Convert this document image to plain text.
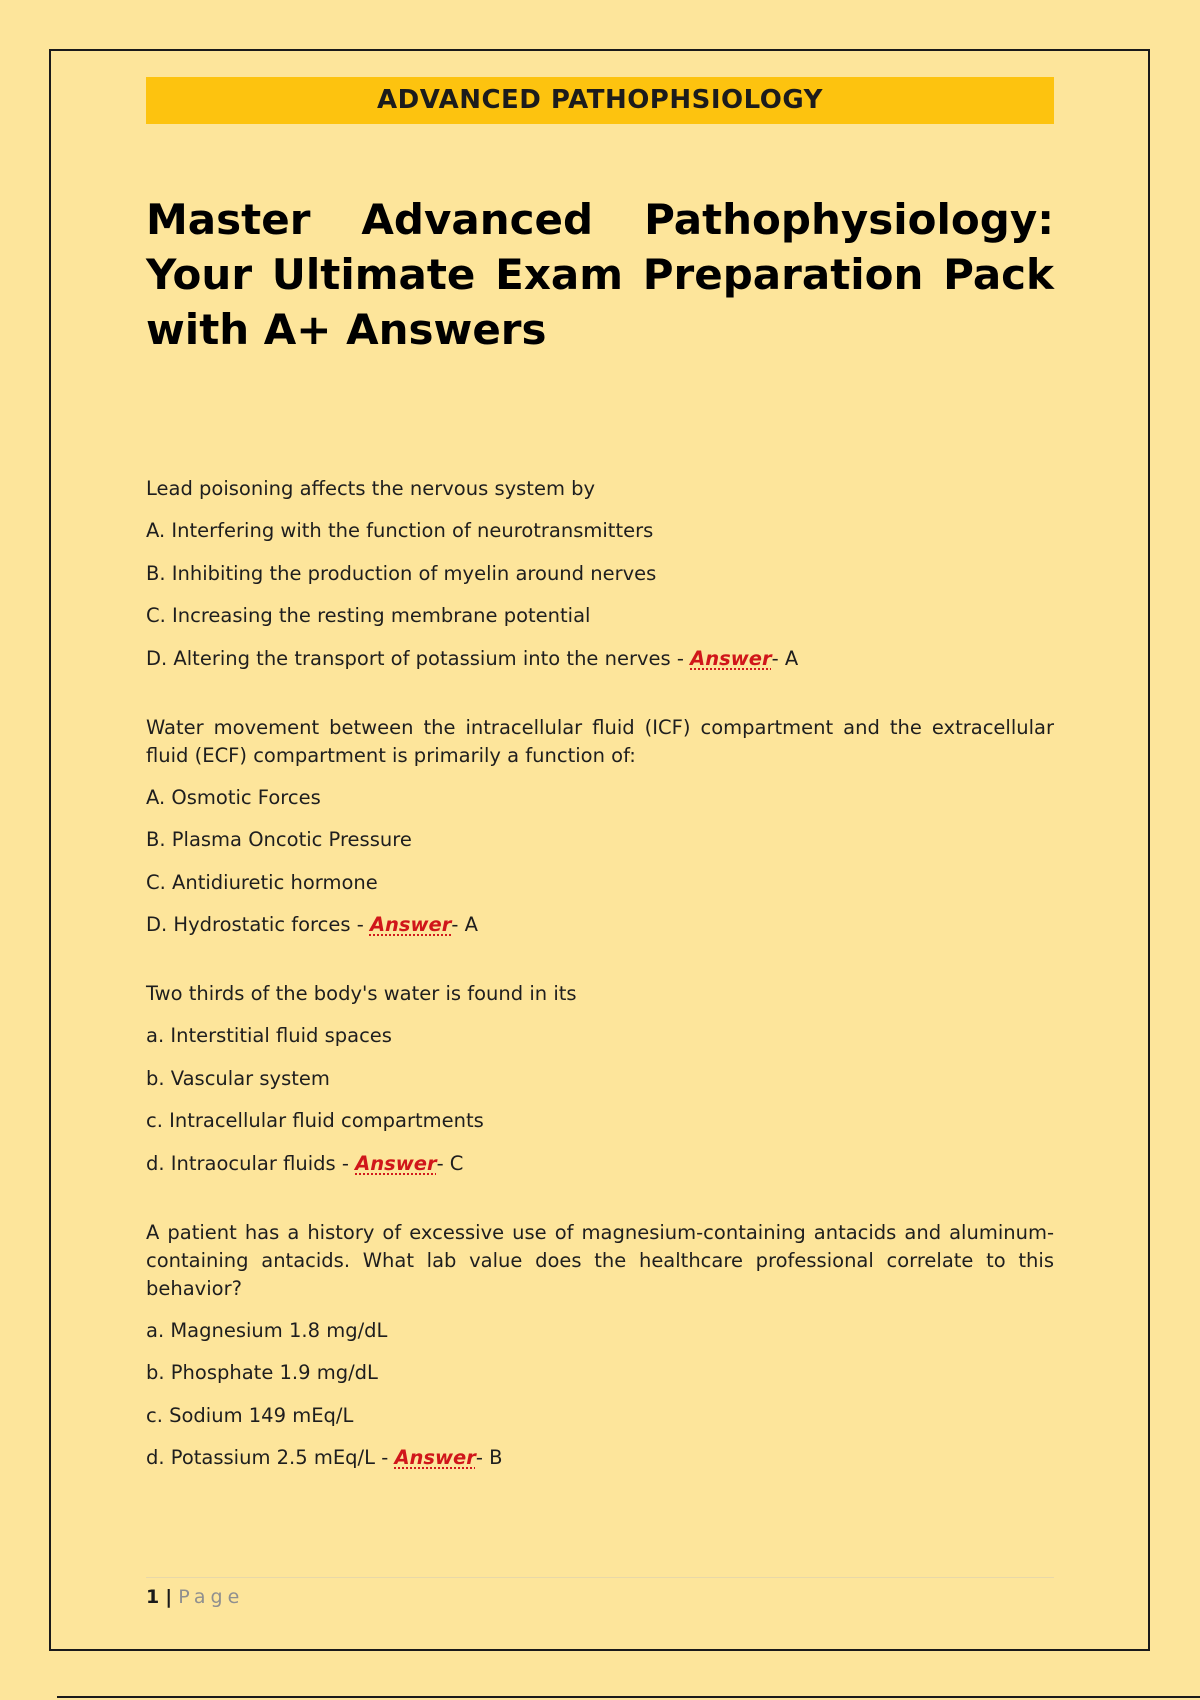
ADVANCED PATHOPHSIOLOGY
Master Advanced Pathophysiology: Your Ultimate Exam Preparation Pack with A+ Answers

Lead poisoning affects the nervous system by

A. Interfering with the function of neurotransmitters

B. Inhibiting the production of myelin around nerves

C. Increasing the resting membrane potential

D. Altering the transport of potassium into the nerves - Answer- A

Water movement between the intracellular fluid (ICF) compartment and the extracellular fluid (ECF) compartment is primarily a function of:

A. Osmotic Forces

B. Plasma Oncotic Pressure

C. Antidiuretic hormone

D. Hydrostatic forces - Answer- A

Two thirds of the body's water is found in its

a. Interstitial fluid spaces

b. Vascular system

c. Intracellular fluid compartments

d. Intraocular fluids - Answer- C

A patient has a history of excessive use of magnesium-containing antacids and aluminum-containing antacids. What lab value does the healthcare professional correlate to this behavior?

a. Magnesium 1.8 mg/dL

b. Phosphate 1.9 mg/dL

c. Sodium 149 mEq/L

d. Potassium 2.5 mEq/L - Answer- B

1 | Page
